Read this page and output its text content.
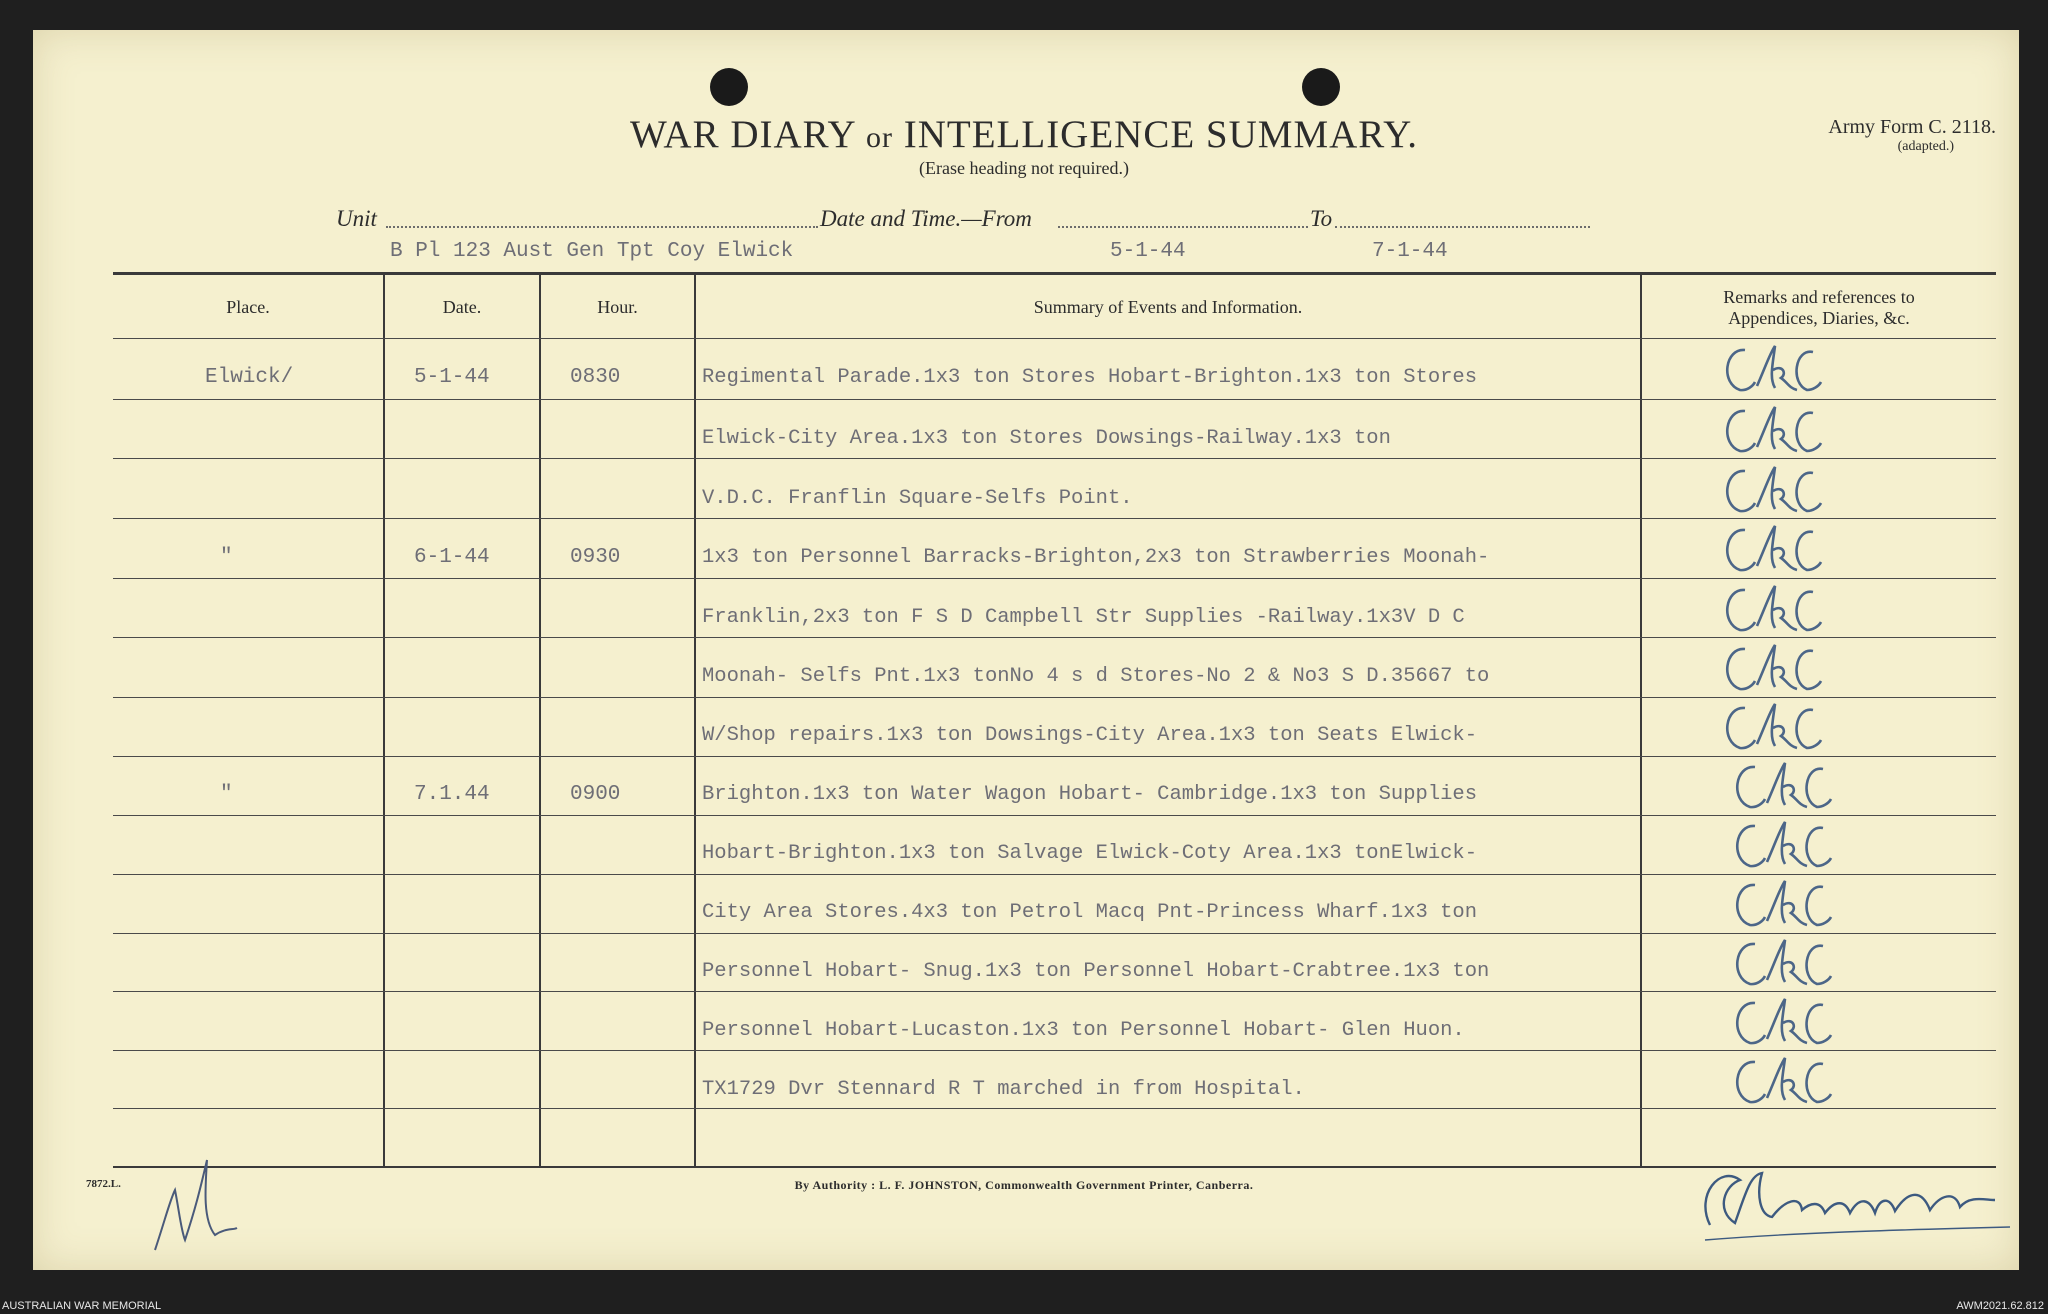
WAR DIARY or INTELLIGENCE SUMMARY.
(Erase heading not required.)
Army Form C. 2118.
(adapted.)
Unit
B Pl 123 Aust Gen Tpt Coy Elwick
Date and Time.—From
5-1-44
To
7-1-44
Place.	Date.	Hour.	Summary of Events and Information.	Remarks and references to
Appendices, Diaries, &c.
Elwick/	5-1-44	0830	Regimental Parade.1x3 ton Stores Hobart-Brighton.1x3 ton Stores
Elwick-City Area.1x3 ton Stores Dowsings-Railway.1x3 ton
V.D.C. Franflin Square-Selfs Point.
"	6-1-44	0930	1x3 ton Personnel Barracks-Brighton,2x3 ton Strawberries Moonah-
Franklin,2x3 ton F S D Campbell Str Supplies -Railway.1x3V D C
Moonah- Selfs Pnt.1x3 tonNo 4 s d Stores-No 2 & No3 S D.35667 to
W/Shop repairs.1x3 ton Dowsings-City Area.1x3 ton Seats Elwick-
"	7.1.44	0900	Brighton.1x3 ton Water Wagon Hobart- Cambridge.1x3 ton Supplies
Hobart-Brighton.1x3 ton Salvage Elwick-Coty Area.1x3 tonElwick-
City Area Stores.4x3 ton Petrol Macq Pnt-Princess Wharf.1x3 ton
Personnel Hobart- Snug.1x3 ton Personnel Hobart-Crabtree.1x3 ton
Personnel Hobart-Lucaston.1x3 ton Personnel Hobart- Glen Huon.
TX1729 Dvr Stennard R T marched in from Hospital.
7872.L.	By Authority : L. F. JOHNSTON, Commonwealth Government Printer, Canberra.
AUSTRALIAN WAR MEMORIAL	AWM2021.62.812
